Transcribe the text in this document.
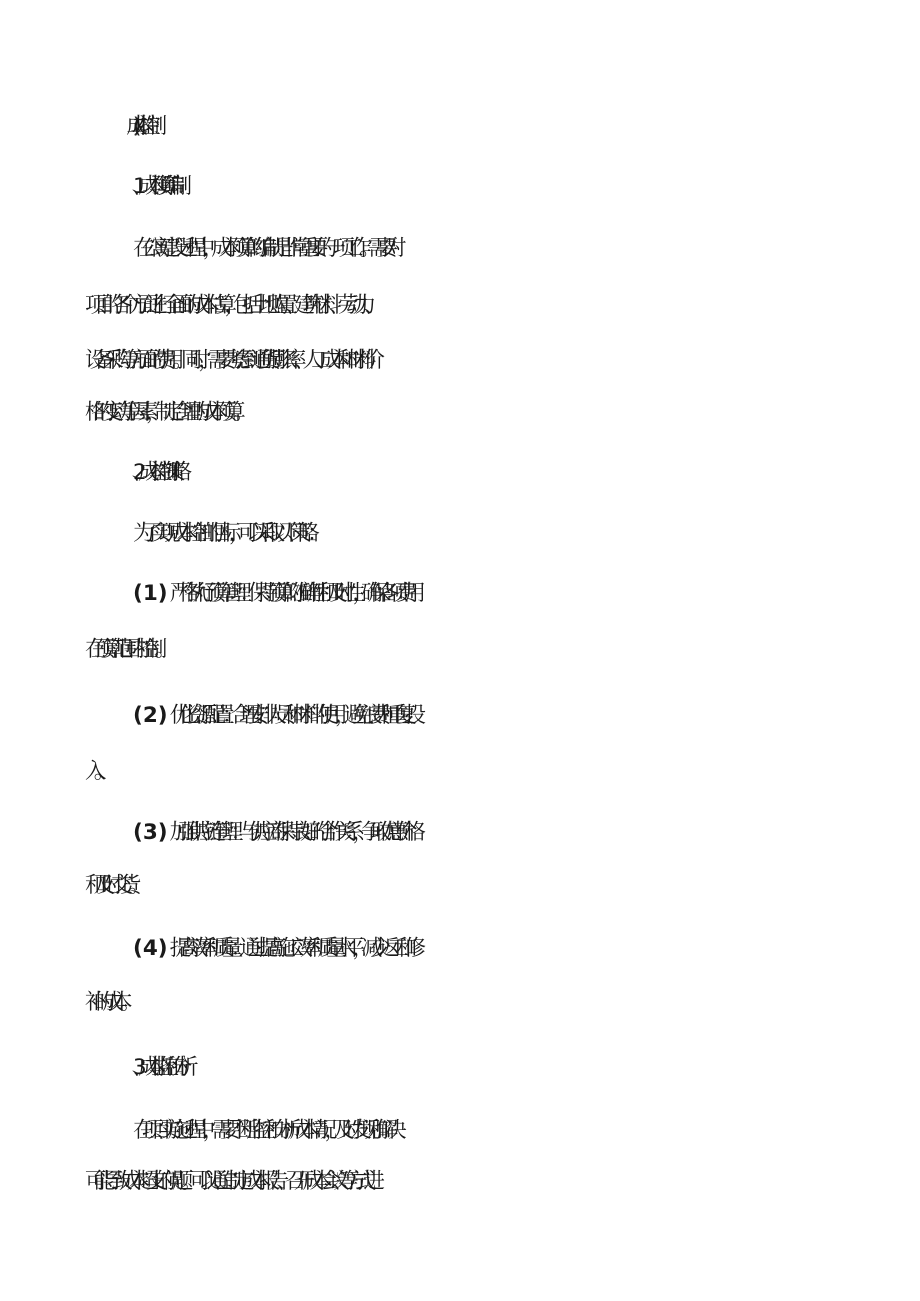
(二)成本控制
1、成本预算编制
在公寓建设过程中，成本预算的编制是非常重要的一项工作。需要对
项目的各个方面进行全面的成本估算，包括土地购置、建筑材料、劳动力、
设备采购等方面的费用。同时，需要考虑到通货膨胀率、人工成本和材料价
格的变动等因素，制定合理的成本预算。
2、成本控制策略
为了实现成本控制的目标，可以采取以下策略：
(1)严格执行预算管理：保持预算的准确性和及时性，确保各项费用
在预算范围内控制。
(2)优化资源配置：合理安排人员和材料的使用，避免浪费和重复投
入。
(3)加强供应链管理：与供应商保持良好的合作关系，争取优惠价格
和及时交货。
(4)提高效率和质量：通过提高施工效率和质量水平，减少返工和修
补的成本。
3、成本监控和分析
在项目实施过程中，需要不断监控和分析成本情况，及时发现和解决
可能导致成本超支的问题。可以通过制定成本报告、召开成本会议等方式进
